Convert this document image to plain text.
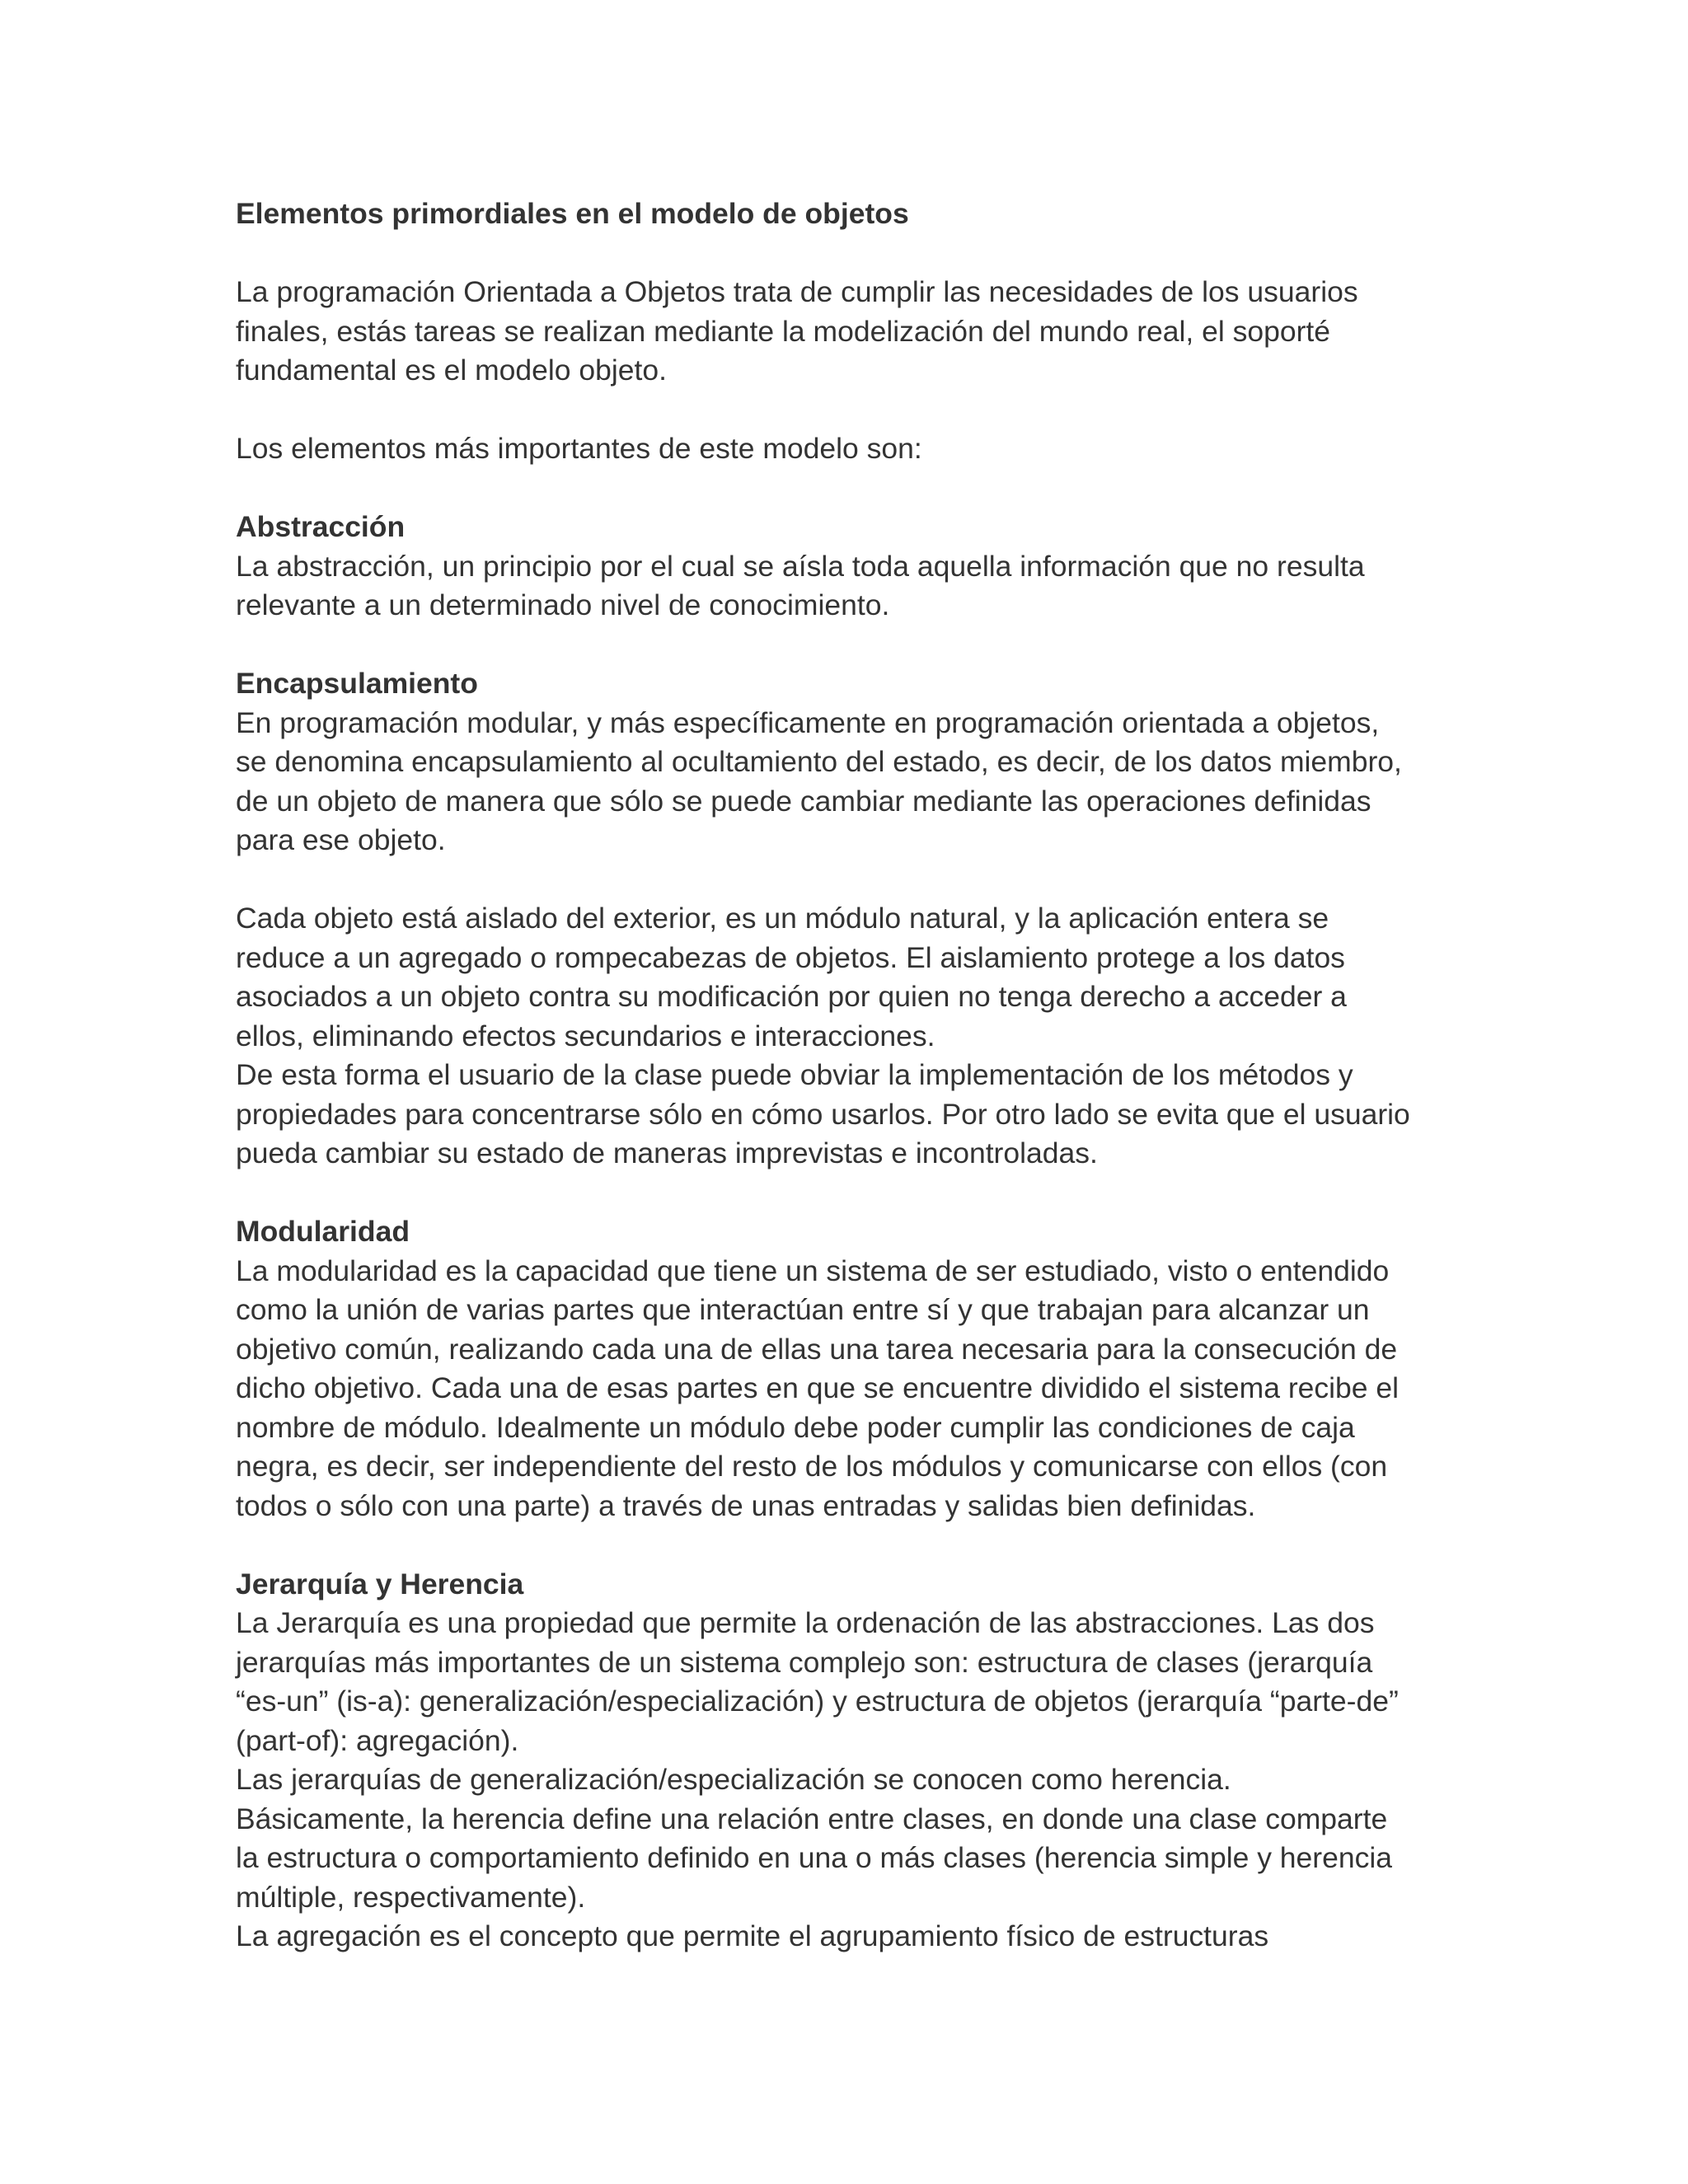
Elementos primordiales en el modelo de objetos
La programación Orientada a Objetos trata de cumplir las necesidades de los usuarios
finales, estás tareas se realizan mediante la modelización del mundo real, el soporté
fundamental es el modelo objeto.
Los elementos más importantes de este modelo son:
Abstracción
La abstracción, un principio por el cual se aísla toda aquella información que no resulta
relevante a un determinado nivel de conocimiento.
Encapsulamiento
En programación modular, y más específicamente en programación orientada a objetos,
se denomina encapsulamiento al ocultamiento del estado, es decir, de los datos miembro,
de un objeto de manera que sólo se puede cambiar mediante las operaciones definidas
para ese objeto.
Cada objeto está aislado del exterior, es un módulo natural, y la aplicación entera se
reduce a un agregado o rompecabezas de objetos. El aislamiento protege a los datos
asociados a un objeto contra su modificación por quien no tenga derecho a acceder a
ellos, eliminando efectos secundarios e interacciones.
De esta forma el usuario de la clase puede obviar la implementación de los métodos y
propiedades para concentrarse sólo en cómo usarlos. Por otro lado se evita que el usuario
pueda cambiar su estado de maneras imprevistas e incontroladas.
Modularidad
La modularidad es la capacidad que tiene un sistema de ser estudiado, visto o entendido
como la unión de varias partes que interactúan entre sí y que trabajan para alcanzar un
objetivo común, realizando cada una de ellas una tarea necesaria para la consecución de
dicho objetivo. Cada una de esas partes en que se encuentre dividido el sistema recibe el
nombre de módulo. Idealmente un módulo debe poder cumplir las condiciones de caja
negra, es decir, ser independiente del resto de los módulos y comunicarse con ellos (con
todos o sólo con una parte) a través de unas entradas y salidas bien definidas.
Jerarquía y Herencia
La Jerarquía es una propiedad que permite la ordenación de las abstracciones. Las dos
jerarquías más importantes de un sistema complejo son: estructura de clases (jerarquía
“es-un” (is-a): generalización/especialización) y estructura de objetos (jerarquía “parte-de”
(part-of): agregación).
Las jerarquías de generalización/especialización se conocen como herencia.
Básicamente, la herencia define una relación entre clases, en donde una clase comparte
la estructura o comportamiento definido en una o más clases (herencia simple y herencia
múltiple, respectivamente).
La agregación es el concepto que permite el agrupamiento físico de estructuras
